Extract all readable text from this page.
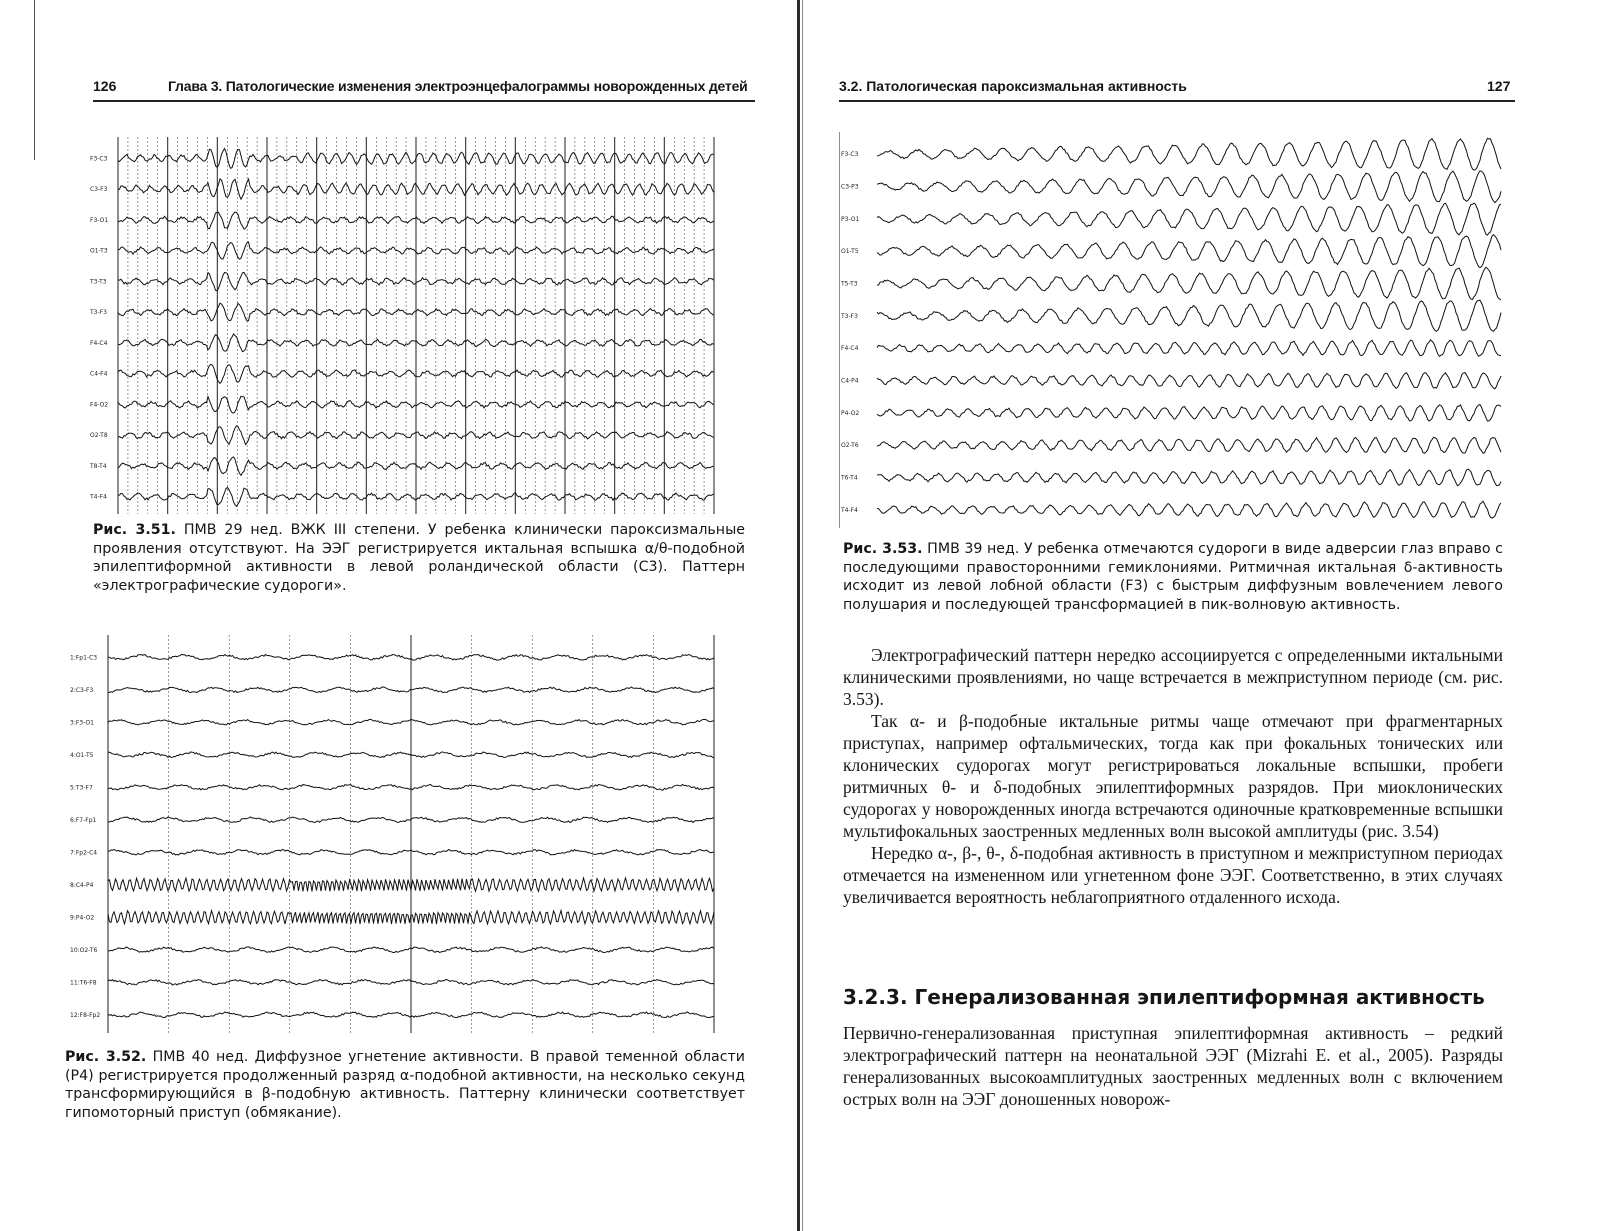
126	Глава 3. Патологические изменения электроэнцефалограммы новорожденных детей
F3-C3
C3-F3
F3-O1
O1-T3
T3-T3
T3-F3
F4-C4
C4-F4
F4-O2
O2-T8
T8-T4
T4-F4
Рис. 3.51. ПМВ 29 нед. ВЖК III степени. У ребенка клинически пароксизмальные проявления отсутствуют. На ЭЭГ регистрируется иктальная вспышка α/θ-подобной эпилептиформной активности в левой роландической области (C3). Паттерн «электрографические судороги».
1:Fp1-C3
2:C3-F3
3:F3-O1
4:O1-T5
5:T3-F7
6:F7-Fp1
7:Fp2-C4
8:C4-P4
9:P4-O2
10:O2-T6
11:T6-F8
12:F8-Fp2
Рис. 3.52. ПМВ 40 нед. Диффузное угнетение активности. В правой теменной области (P4) регистрируется продолженный разряд α-подобной активности, на несколько секунд трансформирующийся в β-подобную активность. Паттерну клинически соответствует гипомоторный приступ (обмякание).
3.2. Патологическая пароксизмальная активность	127
F3-C3
C3-P3
P3-O1
O1-T5
T5-T3
T3-F3
F4-C4
C4-P4
P4-O2
O2-T6
T6-T4
T4-F4
Рис. 3.53. ПМВ 39 нед. У ребенка отмечаются судороги в виде адверсии глаз вправо с последующими правосторонними гемиклониями. Ритмичная иктальная δ-активность исходит из левой лобной области (F3) с быстрым диффузным вовлечением левого полушария и последующей трансформацией в пик-волновую активность.

Электрографический паттерн нередко ассоциируется с определенными иктальными клиническими проявлениями, но чаще встречается в межприступном периоде (см. рис. 3.53).

Так α- и β-подобные иктальные ритмы чаще отмечают при фрагментарных приступах, например офтальмических, тогда как при фокальных тонических или клонических судорогах могут регистрироваться локальные вспышки, пробеги ритмичных θ- и δ-подобных эпилептиформных разрядов. При миоклонических судорогах у новорожденных иногда встречаются одиночные кратковременные вспышки мультифокальных заостренных медленных волн высокой амплитуды (рис. 3.54)

Нередко α-, β-, θ-, δ-подобная активность в приступном и межприступном периодах отмечается на измененном или угнетенном фоне ЭЭГ. Соответственно, в этих случаях увеличивается вероятность неблагоприятного отдаленного исхода.

3.2.3. Генерализованная эпилептиформная активность

Первично-генерализованная приступная эпилептиформная активность – редкий электрографический паттерн на неонатальной ЭЭГ (Mizrahi E. et al., 2005). Разряды генерализованных высокоамплитудных заостренных медленных волн с включением острых волн на ЭЭГ доношенных новорож-
